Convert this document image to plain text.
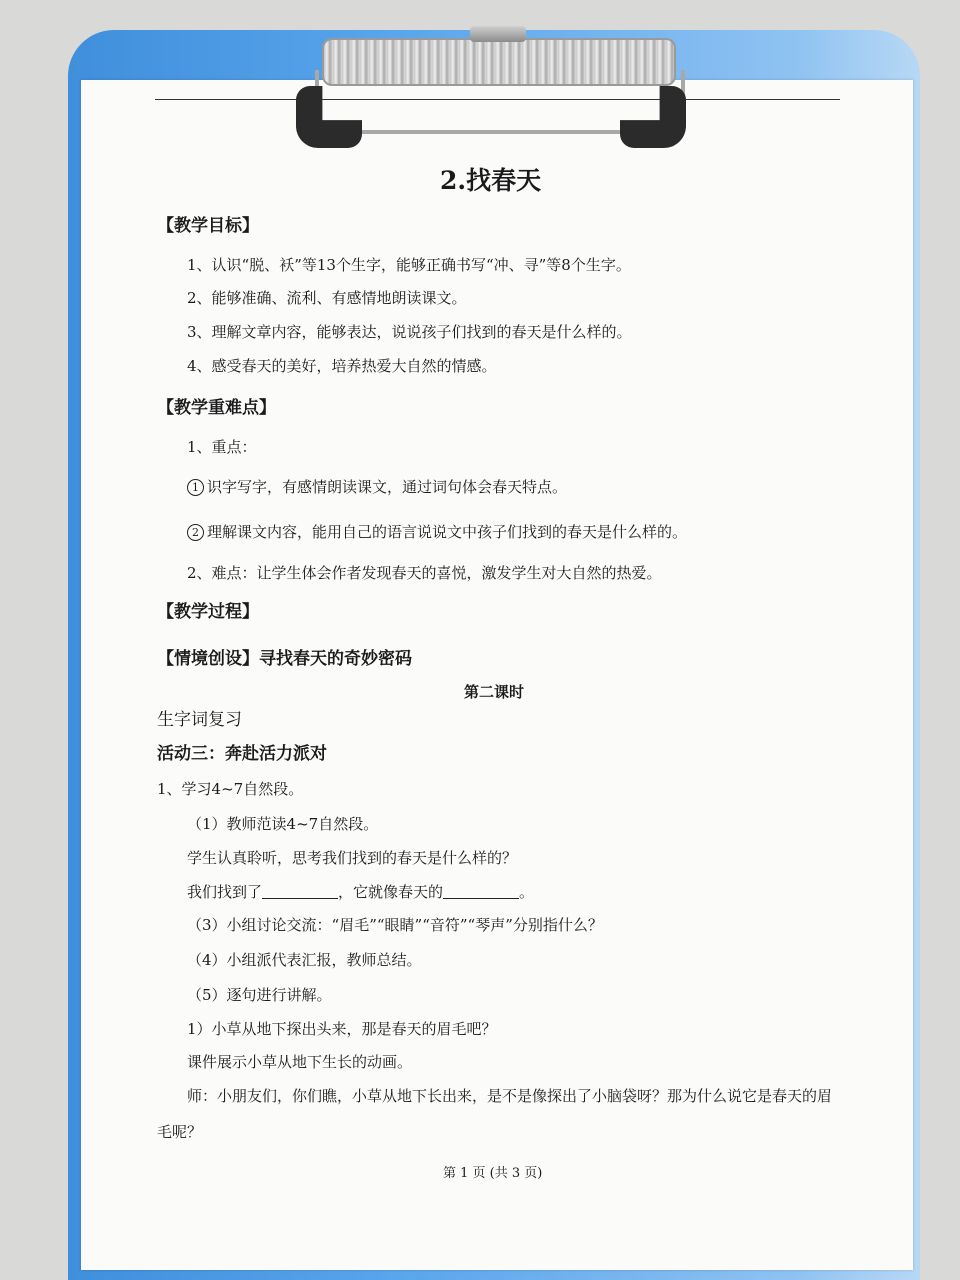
2.找春天
【教学目标】
1、认识“脱、袄”等13个生字，能够正确书写“冲、寻”等8个生字。
2、能够准确、流利、有感情地朗读课文。
3、理解文章内容，能够表达，说说孩子们找到的春天是什么样的。
4、感受春天的美好，培养热爱大自然的情感。
【教学重难点】
1、重点：
1 识字写字，有感情朗读课文，通过词句体会春天特点。
2 理解课文内容，能用自己的语言说说文中孩子们找到的春天是什么样的。
2、难点：让学生体会作者发现春天的喜悦，激发学生对大自然的热爱。
【教学过程】
【情境创设】寻找春天的奇妙密码
第二课时
生字词复习
活动三：奔赴活力派对
1、学习4~7自然段。
（1）教师范读4~7自然段。
学生认真聆听，思考我们找到的春天是什么样的？
我们找到了	，它就像春天的	。
（3）小组讨论交流：“眉毛”“眼睛”“音符”“琴声”分别指什么？
（4）小组派代表汇报，教师总结。
（5）逐句进行讲解。
1）小草从地下探出头来，那是春天的眉毛吧？
课件展示小草从地下生长的动画。
师：小朋友们，你们瞧，小草从地下长出来，是不是像探出了小脑袋呀？那为什么说它是春天的眉
毛呢？
第 1 页 (共 3 页)
